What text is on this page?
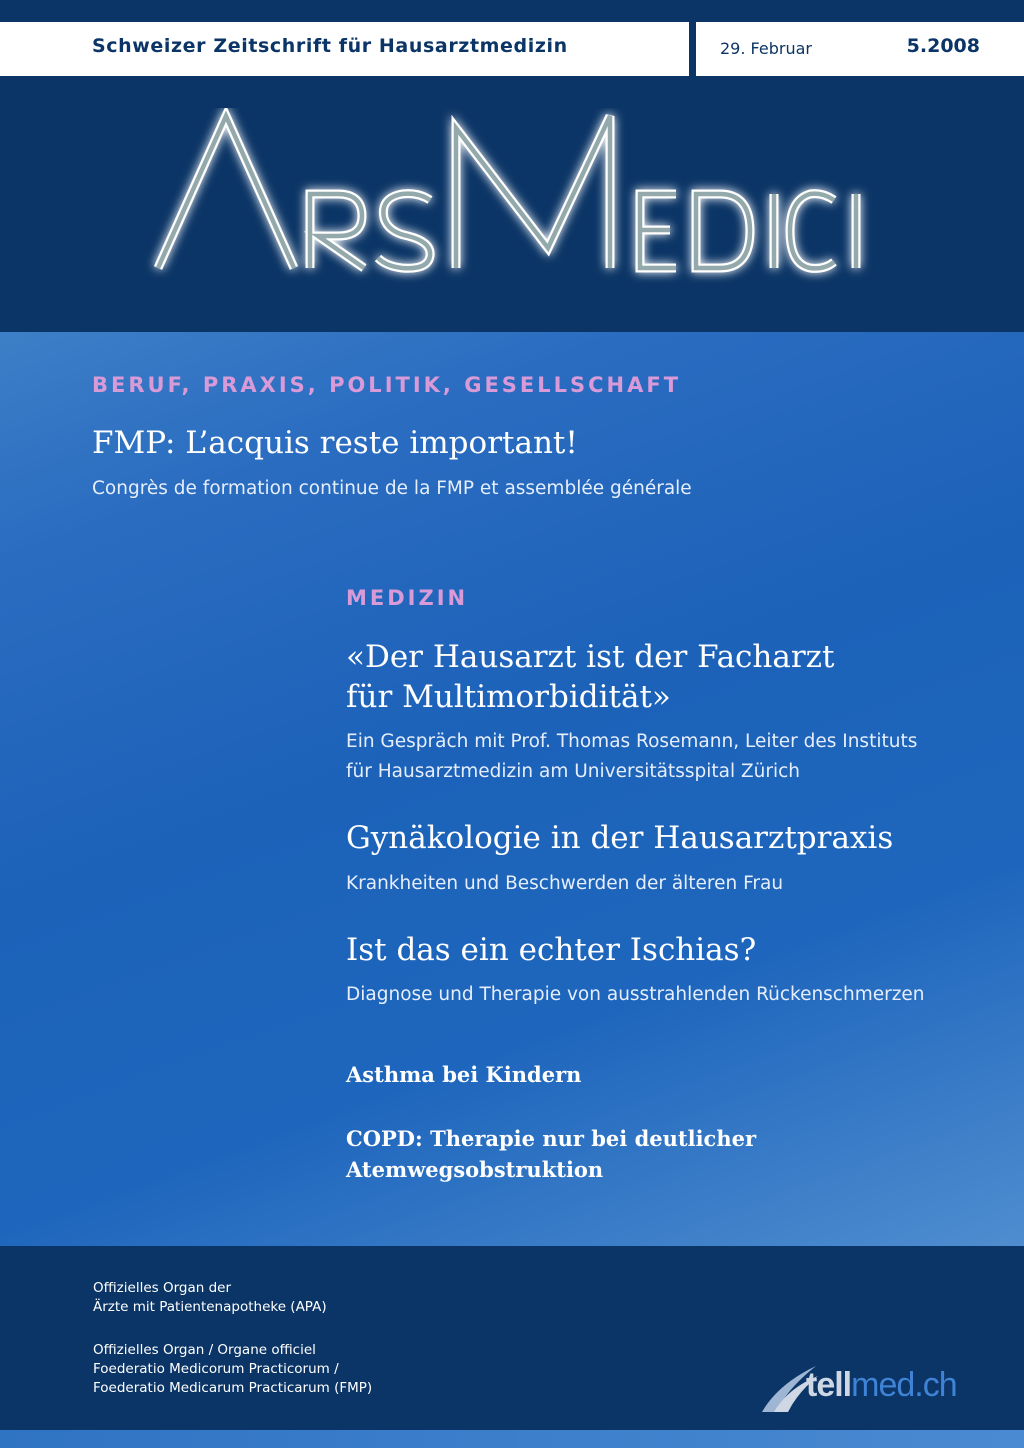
Schweizer Zeitschrift für Hausarztmedizin	29. Februar	5.2008
BERUF, PRAXIS, POLITIK, GESELLSCHAFT
FMP: L’acquis reste important!
Congrès de formation continue de la FMP et assemblée générale
MEDIZIN
«Der Hausarzt ist der Facharzt
für Multimorbidität»
Ein Gespräch mit Prof. Thomas Rosemann, Leiter des Instituts
für Hausarztmedizin am Universitätsspital Zürich
Gynäkologie in der Hausarztpraxis
Krankheiten und Beschwerden der älteren Frau
Ist das ein echter Ischias?
Diagnose und Therapie von ausstrahlenden Rückenschmerzen
Asthma bei Kindern
COPD: Therapie nur bei deutlicher
Atemwegsobstruktion
Offizielles Organ der
Ärzte mit Patientenapotheke (APA)
Offizielles Organ / Organe officiel
Foederatio Medicorum Practicorum /
Foederatio Medicarum Practicarum (FMP)	tellmed.ch
